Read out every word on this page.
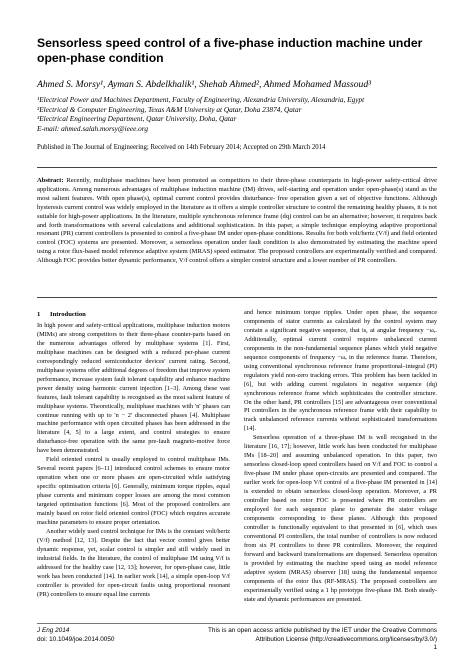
Sensorless speed control of a five-phase induction machine under open-phase condition
Ahmed S. Morsy¹, Ayman S. Abdelkhalik¹, Shehab Ahmed², Ahmed Mohamed Massoud³
¹Electrical Power and Machines Department, Faculty of Engineering, Alexandria University, Alexandria, Egypt
²Electrical & Computer Engineering, Texas A&M University at Qatar, Doha 23874, Qatar
³Electrical Engineering Department, Qatar University, Doha, Qatar
E-mail: ahmed.salah.morsy@ieee.org
Published in The Journal of Engineering; Received on 14th February 2014; Accepted on 29th March 2014

Abstract: Recently, multiphase machines have been promoted as competitors to their three-phase counterparts in high-power safety-critical drive applications. Among numerous advantages of multiphase induction machine (IM) drives, self-starting and operation under open-phase(s) stand as the most salient features. With open phase(s), optimal current control provides disturbance- free operation given a set of objective functions. Although hysteresis current control was widely employed in the literature as it offers a simple controller structure to control the remaining healthy phases, it is not suitable for high-power applications. In the literature, multiple synchronous reference frame (dq) control can be an alternative; however, it requires back and forth transformations with several calculations and additional sophistication. In this paper, a simple technique employing adaptive proportional resonant (PR) current controllers is presented to control a five-phase IM under open-phase conditions. Results for both volt/hertz (V/f) and field oriented control (FOC) systems are presented. Moreover, a sensorless operation under fault condition is also demonstrated by estimating the machine speed using a rotor flux-based model reference adaptive system (MRAS) speed estimator. The proposed controllers are experimentally verified and compared. Although FOC provides better dynamic performance, V/f control offers a simpler control structure and a lower number of PR controllers.

1 Introduction

In high power and safety-critical applications, multiphase induction motors (MIMs) are strong competitors to their three-phase counter-parts based on the numerous advantages offered by multiphase systems [1]. First, multiphase machines can be designed with a reduced per-phase current correspondingly reduced semiconductor devices' current rating. Second, multiphase systems offer additional degrees of freedom that improve system performance, increase system fault tolerant capability and enhance machine power density using harmonic current injection [1–3]. Among these vast features, fault tolerant capability is recognised as the most salient feature of multiphase systems. Theoretically, multiphase machines with 'n' phases can continue running with up to 'n − 2' disconnected phases [4]. Multiphase machine performance with open circuited phases has been addressed in the literature [4, 5] to a large extent, and control strategies to ensure disturbance-free operation with the same pre-fault magneto-motive force have been demonstrated.

Field oriented control is usually employed to control multiphase IMs. Several recent papers [6–11] introduced control schemes to ensure motor operation when one or more phases are open-circuited while satisfying specific optimisation criteria [6]. Generally, minimum torque ripples, equal phase currents and minimum copper losses are among the most common targeted optimisation functions [6]. Most of the proposed controllers are mainly based on rotor field oriented control (FOC) which requires accurate machine parameters to ensure proper orientation.

Another widely used control technique for IMs is the constant volt/hertz (V/f) method [12, 13]. Despite the fact that vector control gives better dynamic response, yet, scalar control is simpler and still widely used in industrial fields. In the literature, the control of multiphase IM using V/f is addressed for the healthy case [12, 13]; however, for open-phase case, little work has been conducted [14]. In earlier work [14], a simple open-loop V/f controller is provided for open-circuit faults using proportional resonant (PR) controllers to ensure equal line currents

and hence minimum torque ripples. Under open phase, the sequence components of stator currents as calculated by the control system may contain a significant negative sequence, that is, at angular frequency −ωₑ. Additionally, optimal current control requires unbalanced current components in the non-fundamental sequence planes which yield negative sequence components of frequency −ωₑ in the reference frame. Therefore, using conventional synchronous reference frame proportional–integral (PI) regulators yield non-zero tracking errors. This problem has been tackled in [6], but with adding current regulators in negative sequence (dq) synchronous reference frame which sophisticates the controller structure. On the other hand, PR controllers [15] are advantageous over conventional PI controllers in the synchronous reference frame with their capability to track unbalanced reference currents without sophisticated transformations [14].

Sensorless operation of a three-phase IM is well recognised in the literature [16, 17]; however, little work has been conducted for multiphase IMs [18–20] and assuming unbalanced operation. In this paper, two sensorless closed-loop speed controllers based on V/f and FOC to control a five-phase IM under phase open-circuits are presented and compared. The earlier work for open-loop V/f control of a five-phase IM presented in [14] is extended to obtain sensorless closed-loop operation. Moreover, a PR controller based on rotor FOC is presented where PR controllers are employed for each sequence plane to generate the stator voltage components corresponding to these planes. Although this proposed controller is functionally equivalent to that presented in [6], which uses conventional PI controllers, the total number of controllers is now reduced from six PI controllers to three PR controllers. Moreover, the required forward and backward transformations are dispensed. Sensorless operation is provided by estimating the machine speed using an model reference adaptive system (MRAS) observer [18] using the fundamental sequence components of the rotor flux (RF-MRAS). The proposed controllers are experimentally verified using a 1 hp prototype five-phase IM. Both steady-state and dynamic performances are presented.

J Eng 2014
doi: 10.1049/joe.2014.0050
This is an open access article published by the IET under the Creative Commons
Attribution License (http://creativecommons.org/licenses/by/3.0/)
1
